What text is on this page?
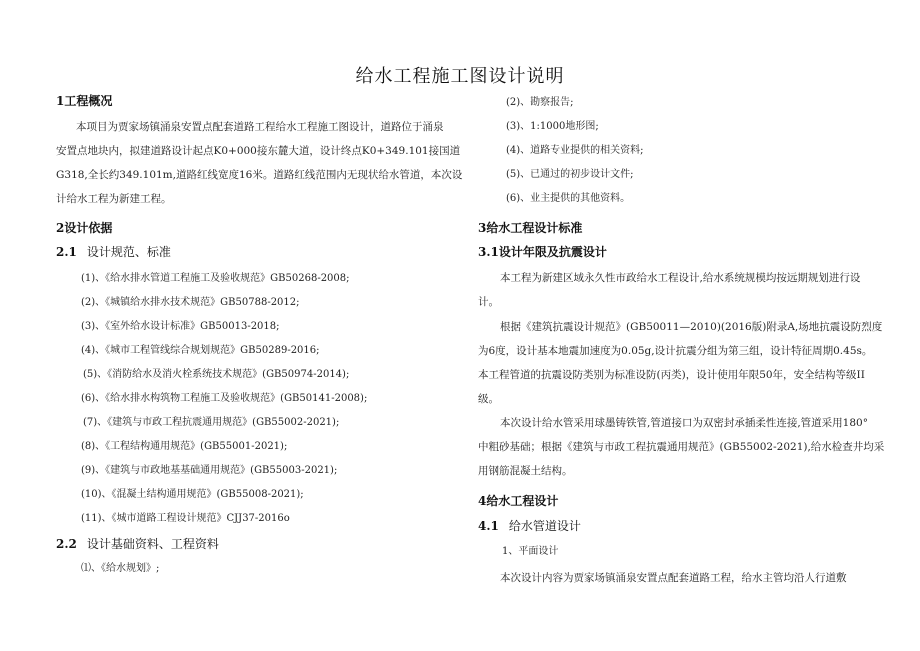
给水工程施工图设计说明
1工程概况
本项目为贾家场镇涌泉安置点配套道路工程给水工程施工图设计，道路位于涌泉
安置点地块内，拟建道路设计起点K0+000接东麓大道，设计终点K0+349.101接国道
G318,全长约349.101m,道路红线宽度16米。道路红线范围内无现状给水管道，本次设
计给水工程为新建工程。
2设计依据
2.1 设计规范、标准
(1)、《给水排水管道工程施工及验收规范》GB50268-2008;
(2)、《城镇给水排水技术规范》GB50788-2012;
(3)、《室外给水设计标准》GB50013-2018;
(4)、《城市工程管线综合规划规范》GB50289-2016;
(5)、《消防给水及消火栓系统技术规范》(GB50974-2014);
(6)、《给水排水构筑物工程施工及验收规范》(GB50141-2008);
(7)、《建筑与市政工程抗震通用规范》(GB55002-2021);
(8)、《工程结构通用规范》(GB55001-2021);
(9)、《建筑与市政地基基础通用规范》(GB55003-2021);
(10)、《混凝土结构通用规范》(GB55008-2021);
(11)、《城市道路工程设计规范》CJJ37-2016o
2.2 设计基础资料、工程资料
⑴、《给水规划》;
(2)、勘察报告;
(3)、1:1000地形图;
(4)、道路专业提供的相关资料;
(5)、已通过的初步设计文件;
(6)、业主提供的其他资料。
3给水工程设计标准
3.1设计年限及抗震设计
本工程为新建区域永久性市政给水工程设计,给水系统规模均按远期规划进行设
计。
根据《建筑抗震设计规范》(GB50011—2010)(2016版)附录A,场地抗震设防烈度
为6度，设计基本地震加速度为0.05g,设计抗震分组为第三组，设计特征周期0.45s。
本工程管道的抗震设防类别为标准设防(丙类)，设计使用年限50年，安全结构等级II
级。
本次设计给水管采用球墨铸铁管,管道接口为双密封承插柔性连接,管道采用180°
中粗砂基础；根据《建筑与市政工程抗震通用规范》(GB55002-2021),给水检查井均采
用钢筋混凝土结构。
4给水工程设计
4.1 给水管道设计
1、平面设计
本次设计内容为贾家场镇涌泉安置点配套道路工程，给水主管均沿人行道敷
